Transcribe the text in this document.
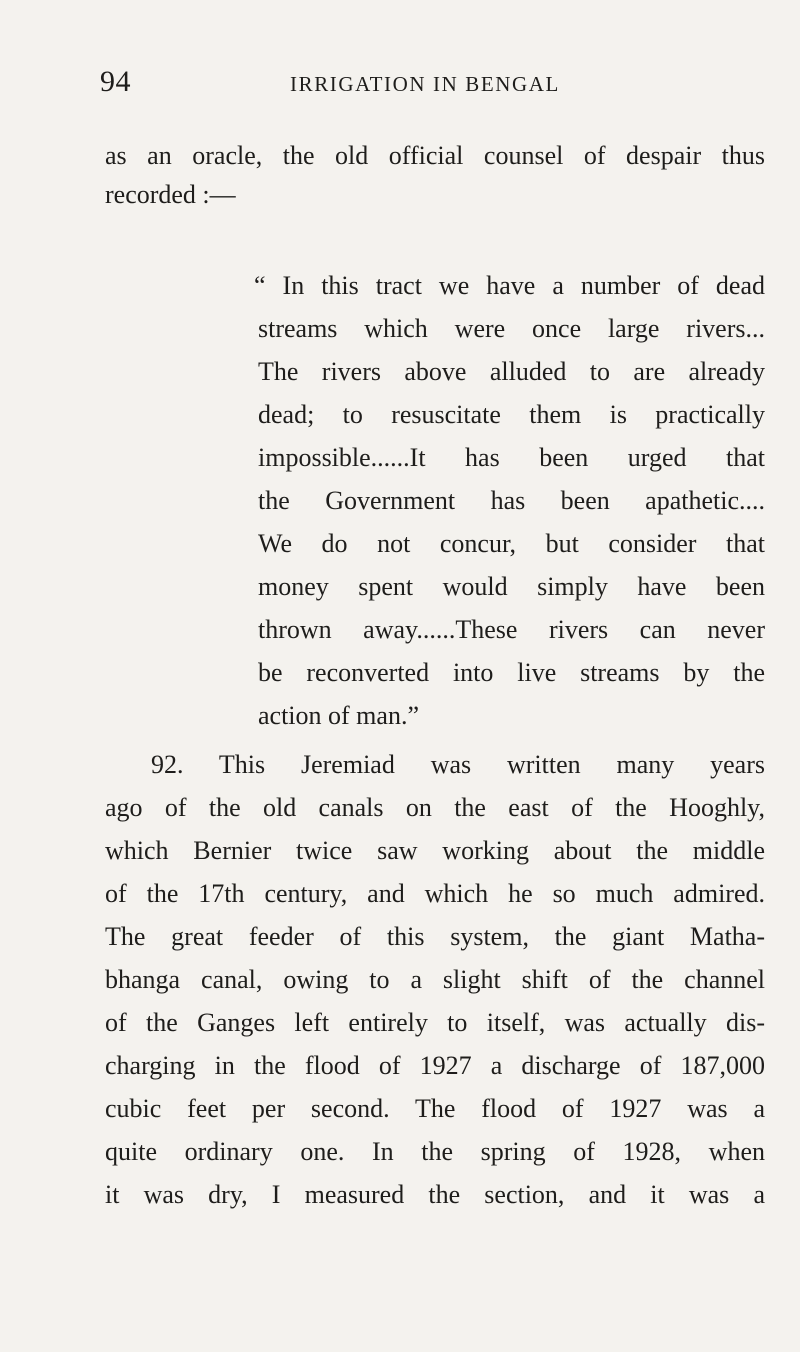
94	IRRIGATION IN BENGAL
as an oracle, the old official counsel of despair thus
recorded :—
“ In this tract we have a number of dead
streams which were once large rivers...
The rivers above alluded to are already
dead; to resuscitate them is practically
impossible......It has been urged that
the Government has been apathetic....
We do not concur, but consider that
money spent would simply have been
thrown away......These rivers can never
be reconverted into live streams by the
action of man.”
92. This Jeremiad was written many years
ago of the old canals on the east of the Hooghly,
which Bernier twice saw working about the middle
of the 17th century, and which he so much admired.
The great feeder of this system, the giant Matha-
bhanga canal, owing to a slight shift of the channel
of the Ganges left entirely to itself, was actually dis-
charging in the flood of 1927 a discharge of 187,000
cubic feet per second. The flood of 1927 was a
quite ordinary one. In the spring of 1928, when
it was dry, I measured the section, and it was a
